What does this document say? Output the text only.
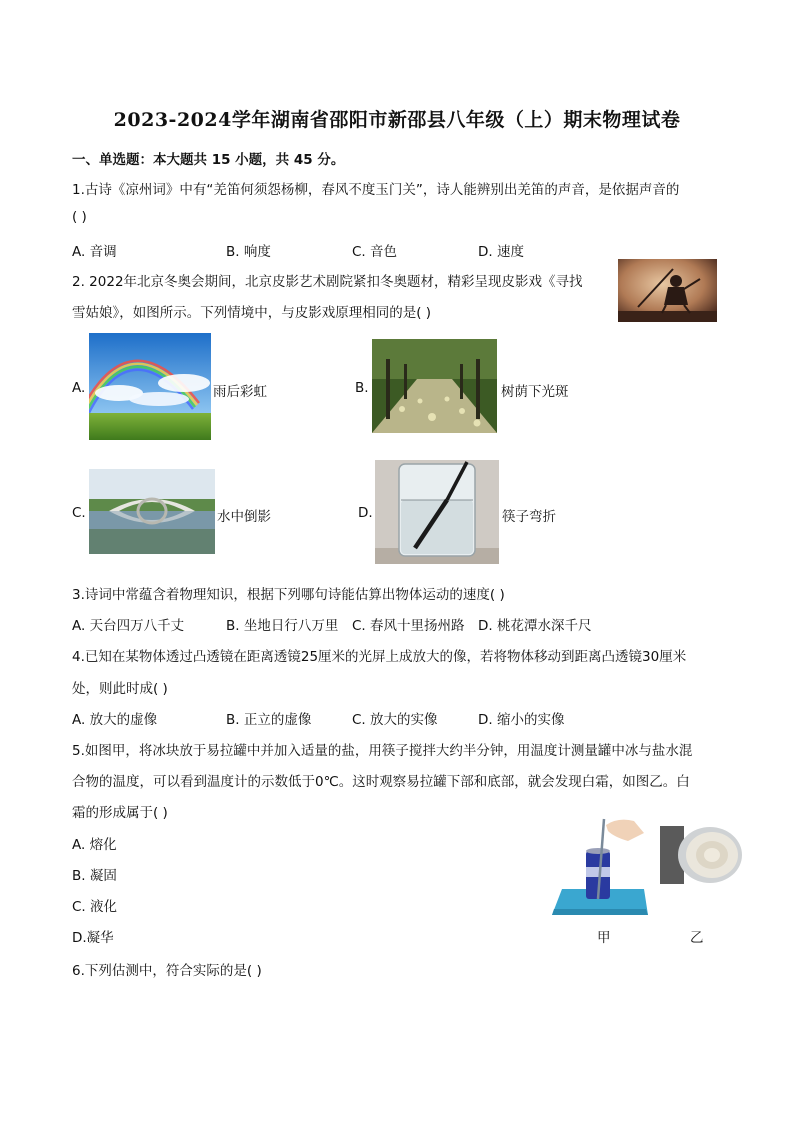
2023-2024学年湖南省邵阳市新邵县八年级（上）期末物理试卷
一、单选题：本大题共 15 小题，共 45 分。
1.古诗《凉州词》中有“羌笛何须怨杨柳，春风不度玉门关”，诗人能辨别出羌笛的声音，是依据声音的
( )
A. 音调	B. 响度	C. 音色	D. 速度
2. 2022年北京冬奥会期间，北京皮影艺术剧院紧扣冬奥题材，精彩呈现皮影戏《寻找
雪姑娘》，如图所示。下列情境中，与皮影戏原理相同的是( )
A.	雨后彩虹	B.	树荫下光斑
C.	水中倒影	D.	筷子弯折
3.诗词中常蕴含着物理知识，根据下列哪句诗能估算出物体运动的速度( )
A. 天台四万八千丈	B. 坐地日行八万里 C. 春风十里扬州路 D. 桃花潭水深千尺
4.已知在某物体透过凸透镜在距离透镜25厘米的光屏上成放大的像，若将物体移动到距离凸透镜30厘米
处，则此时成( )
A. 放大的虚像	B. 正立的虚像	C. 放大的实像	D. 缩小的实像
5.如图甲，将冰块放于易拉罐中并加入适量的盐，用筷子搅拌大约半分钟，用温度计测量罐中冰与盐水混
合物的温度，可以看到温度计的示数低于0℃。这时观察易拉罐下部和底部，就会发现白霜，如图乙。白
霜的形成属于( )
A. 熔化
B. 凝固
C. 液化
D.凝华	甲	乙
6.下列估测中，符合实际的是( )
